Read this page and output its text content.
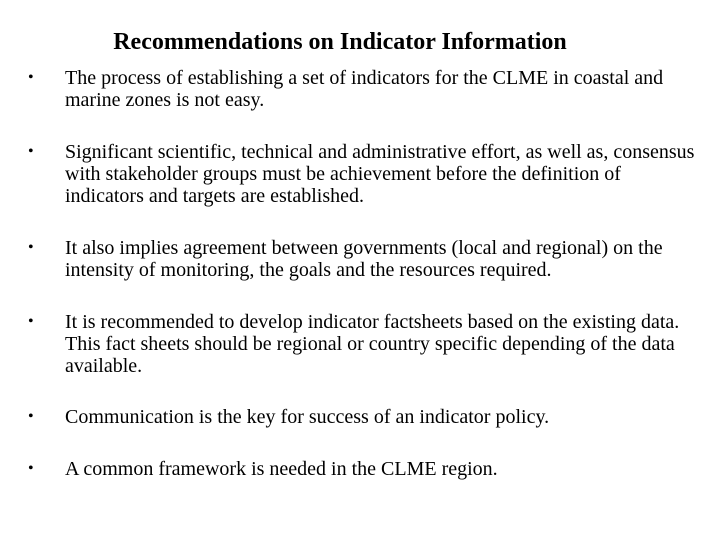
Recommendations on Indicator Information
•	The process of establishing a set of indicators for the CLME in coastal and marine zones is not easy.
•	Significant scientific, technical and administrative effort, as well as, consensus with stakeholder groups must be achievement before the definition of indicators and targets are established.
•	It also implies agreement between governments (local and regional) on the intensity of monitoring, the goals and the resources required.
•	It is recommended to develop indicator factsheets based on the existing data. This fact sheets should be regional or country specific depending of the data available.
•	Communication is the key for success of an indicator policy.
•	A common framework is needed in the CLME region.
